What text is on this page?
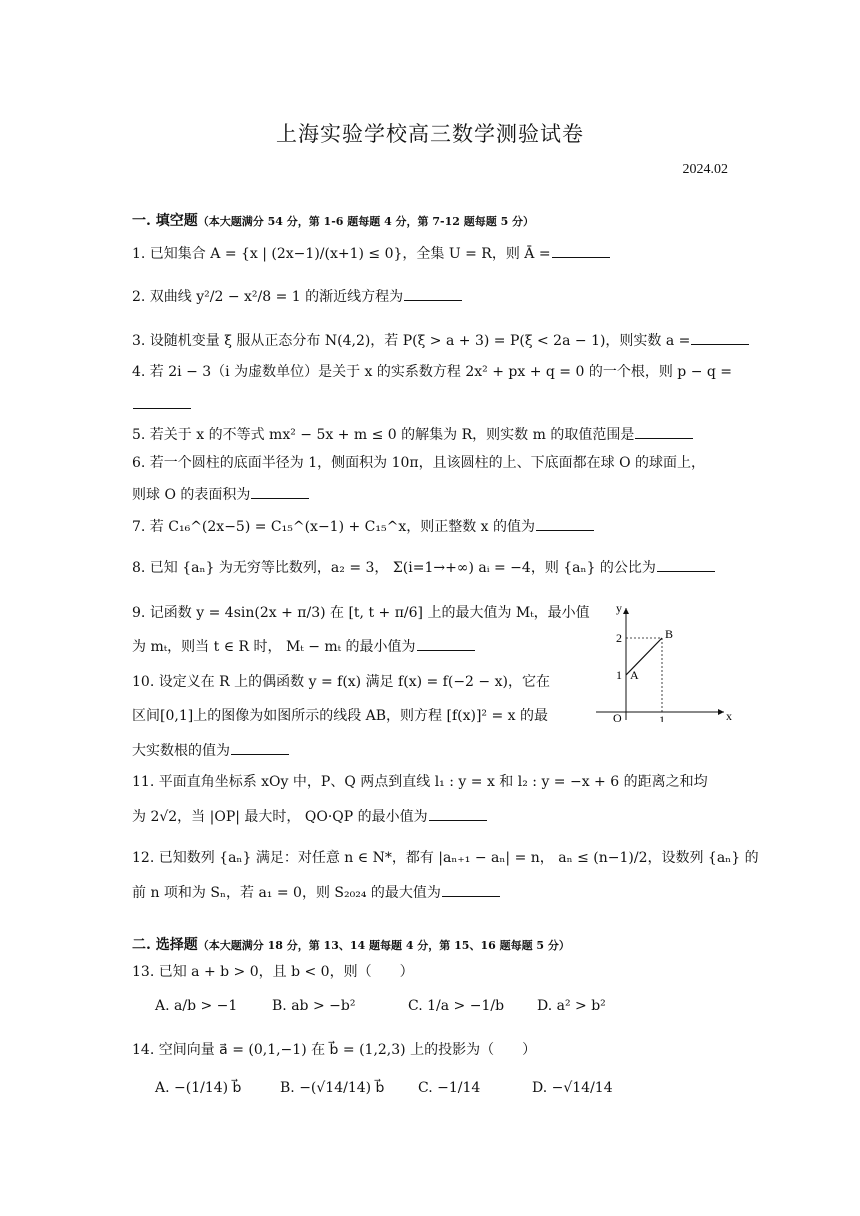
上海实验学校高三数学测验试卷
2024.02
一. 填空题（本大题满分 54 分，第 1-6 题每题 4 分，第 7-12 题每题 5 分）
1. 已知集合 A = {x | (2x−1)/(x+1) ≤ 0}，全集 U = R，则 Ā =
2. 双曲线 y²/2 − x²/8 = 1 的渐近线方程为
3. 设随机变量 ξ 服从正态分布 N(4,2)，若 P(ξ > a + 3) = P(ξ < 2a − 1)，则实数 a =
4. 若 2i − 3（i 为虚数单位）是关于 x 的实系数方程 2x² + px + q = 0 的一个根，则 p − q =
5. 若关于 x 的不等式 mx² − 5x + m ≤ 0 的解集为 R，则实数 m 的取值范围是
6. 若一个圆柱的底面半径为 1，侧面积为 10π，且该圆柱的上、下底面都在球 O 的球面上，
则球 O 的表面积为
7. 若 C₁₆^(2x−5) = C₁₅^(x−1) + C₁₅^x，则正整数 x 的值为
8. 已知 {aₙ} 为无穷等比数列，a₂ = 3， Σ(i=1→+∞) aᵢ = −4，则 {aₙ} 的公比为
9. 记函数 y = 4sin(2x + π/3) 在 [t, t + π/6] 上的最大值为 Mₜ，最小值
为 mₜ，则当 t ∈ R 时， Mₜ − mₜ 的最小值为
10. 设定义在 R 上的偶函数 y = f(x) 满足 f(x) = f(−2 − x)，它在
区间[0,1]上的图像为如图所示的线段 AB，则方程 [f(x)]² = x 的最
大实数根的值为
y
x
O
2
1
1
A
B
11. 平面直角坐标系 xOy 中，P、Q 两点到直线 l₁ : y = x 和 l₂ : y = −x + 6 的距离之和均
为 2√2，当 |OP| 最大时， QO·QP 的最小值为
12. 已知数列 {aₙ} 满足：对任意 n ∈ N*，都有 |aₙ₊₁ − aₙ| = n， aₙ ≤ (n−1)/2，设数列 {aₙ} 的
前 n 项和为 Sₙ，若 a₁ = 0，则 S₂₀₂₄ 的最大值为
二. 选择题（本大题满分 18 分，第 13、14 题每题 4 分，第 15、16 题每题 5 分）
13. 已知 a + b > 0，且 b < 0，则（　　）
A. a/b > −1 B. ab > −b²	C. 1/a > −1/b D. a² > b²
14. 空间向量 a⃗ = (0,1,−1) 在 b⃗ = (1,2,3) 上的投影为（　　）
A. −(1/14) b⃗	B. −(√14/14) b⃗ C. −1/14	D. −√14/14
